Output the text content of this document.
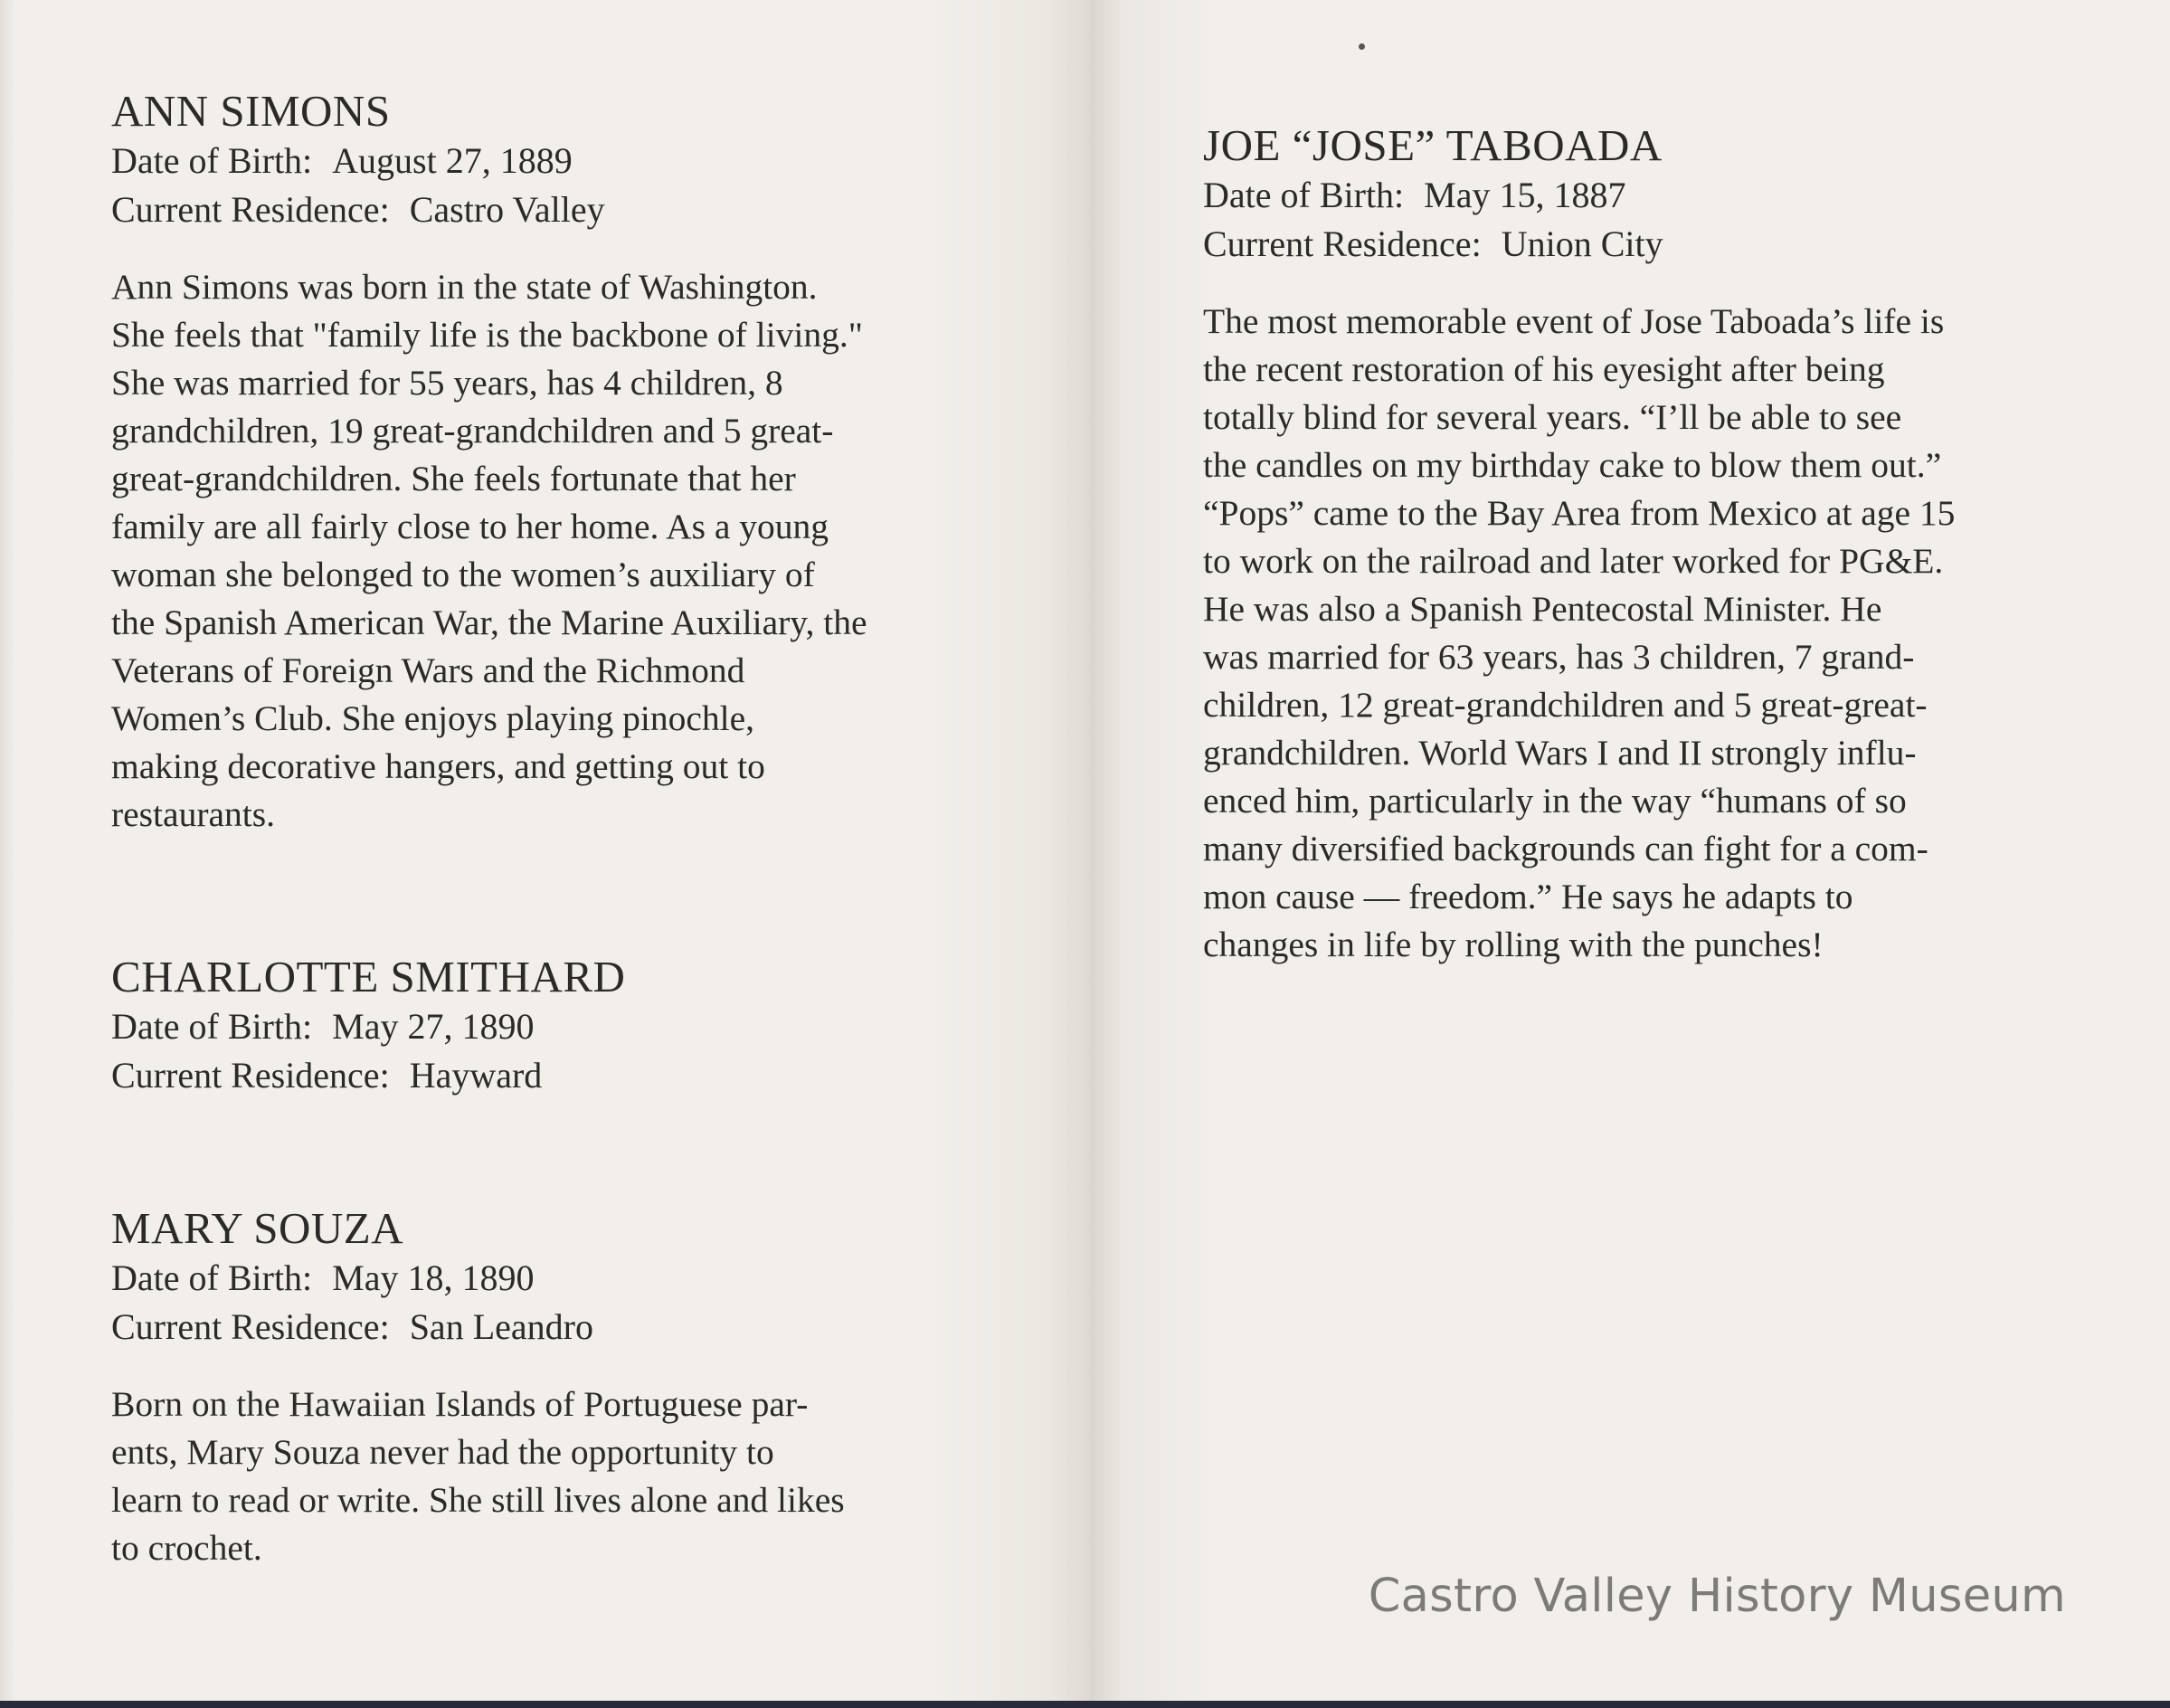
ANN SIMONS

Date of Birth: August 27, 1889

Current Residence: Castro Valley

Ann Simons was born in the state of Washington.
She feels that "family life is the backbone of living."
She was married for 55 years, has 4 children, 8
grandchildren, 19 great-grandchildren and 5 great-
great-grandchildren. She feels fortunate that her
family are all fairly close to her home. As a young
woman she belonged to the women’s auxiliary of
the Spanish American War, the Marine Auxiliary, the
Veterans of Foreign Wars and the Richmond
Women’s Club. She enjoys playing pinochle,
making decorative hangers, and getting out to
restaurants.

CHARLOTTE SMITHARD

Date of Birth: May 27, 1890

Current Residence: Hayward

MARY SOUZA

Date of Birth: May 18, 1890

Current Residence: San Leandro

Born on the Hawaiian Islands of Portuguese par-
ents, Mary Souza never had the opportunity to
learn to read or write. She still lives alone and likes
to crochet.

JOE “JOSE” TABOADA

Date of Birth: May 15, 1887

Current Residence: Union City

The most memorable event of Jose Taboada’s life is
the recent restoration of his eyesight after being
totally blind for several years. “I’ll be able to see
the candles on my birthday cake to blow them out.”
“Pops” came to the Bay Area from Mexico at age 15
to work on the railroad and later worked for PG&E.
He was also a Spanish Pentecostal Minister. He
was married for 63 years, has 3 children, 7 grand-
children, 12 great-grandchildren and 5 great-great-
grandchildren. World Wars I and II strongly influ-
enced him, particularly in the way “humans of so
many diversified backgrounds can fight for a com-
mon cause — freedom.” He says he adapts to
changes in life by rolling with the punches!

Castro Valley History Museum
